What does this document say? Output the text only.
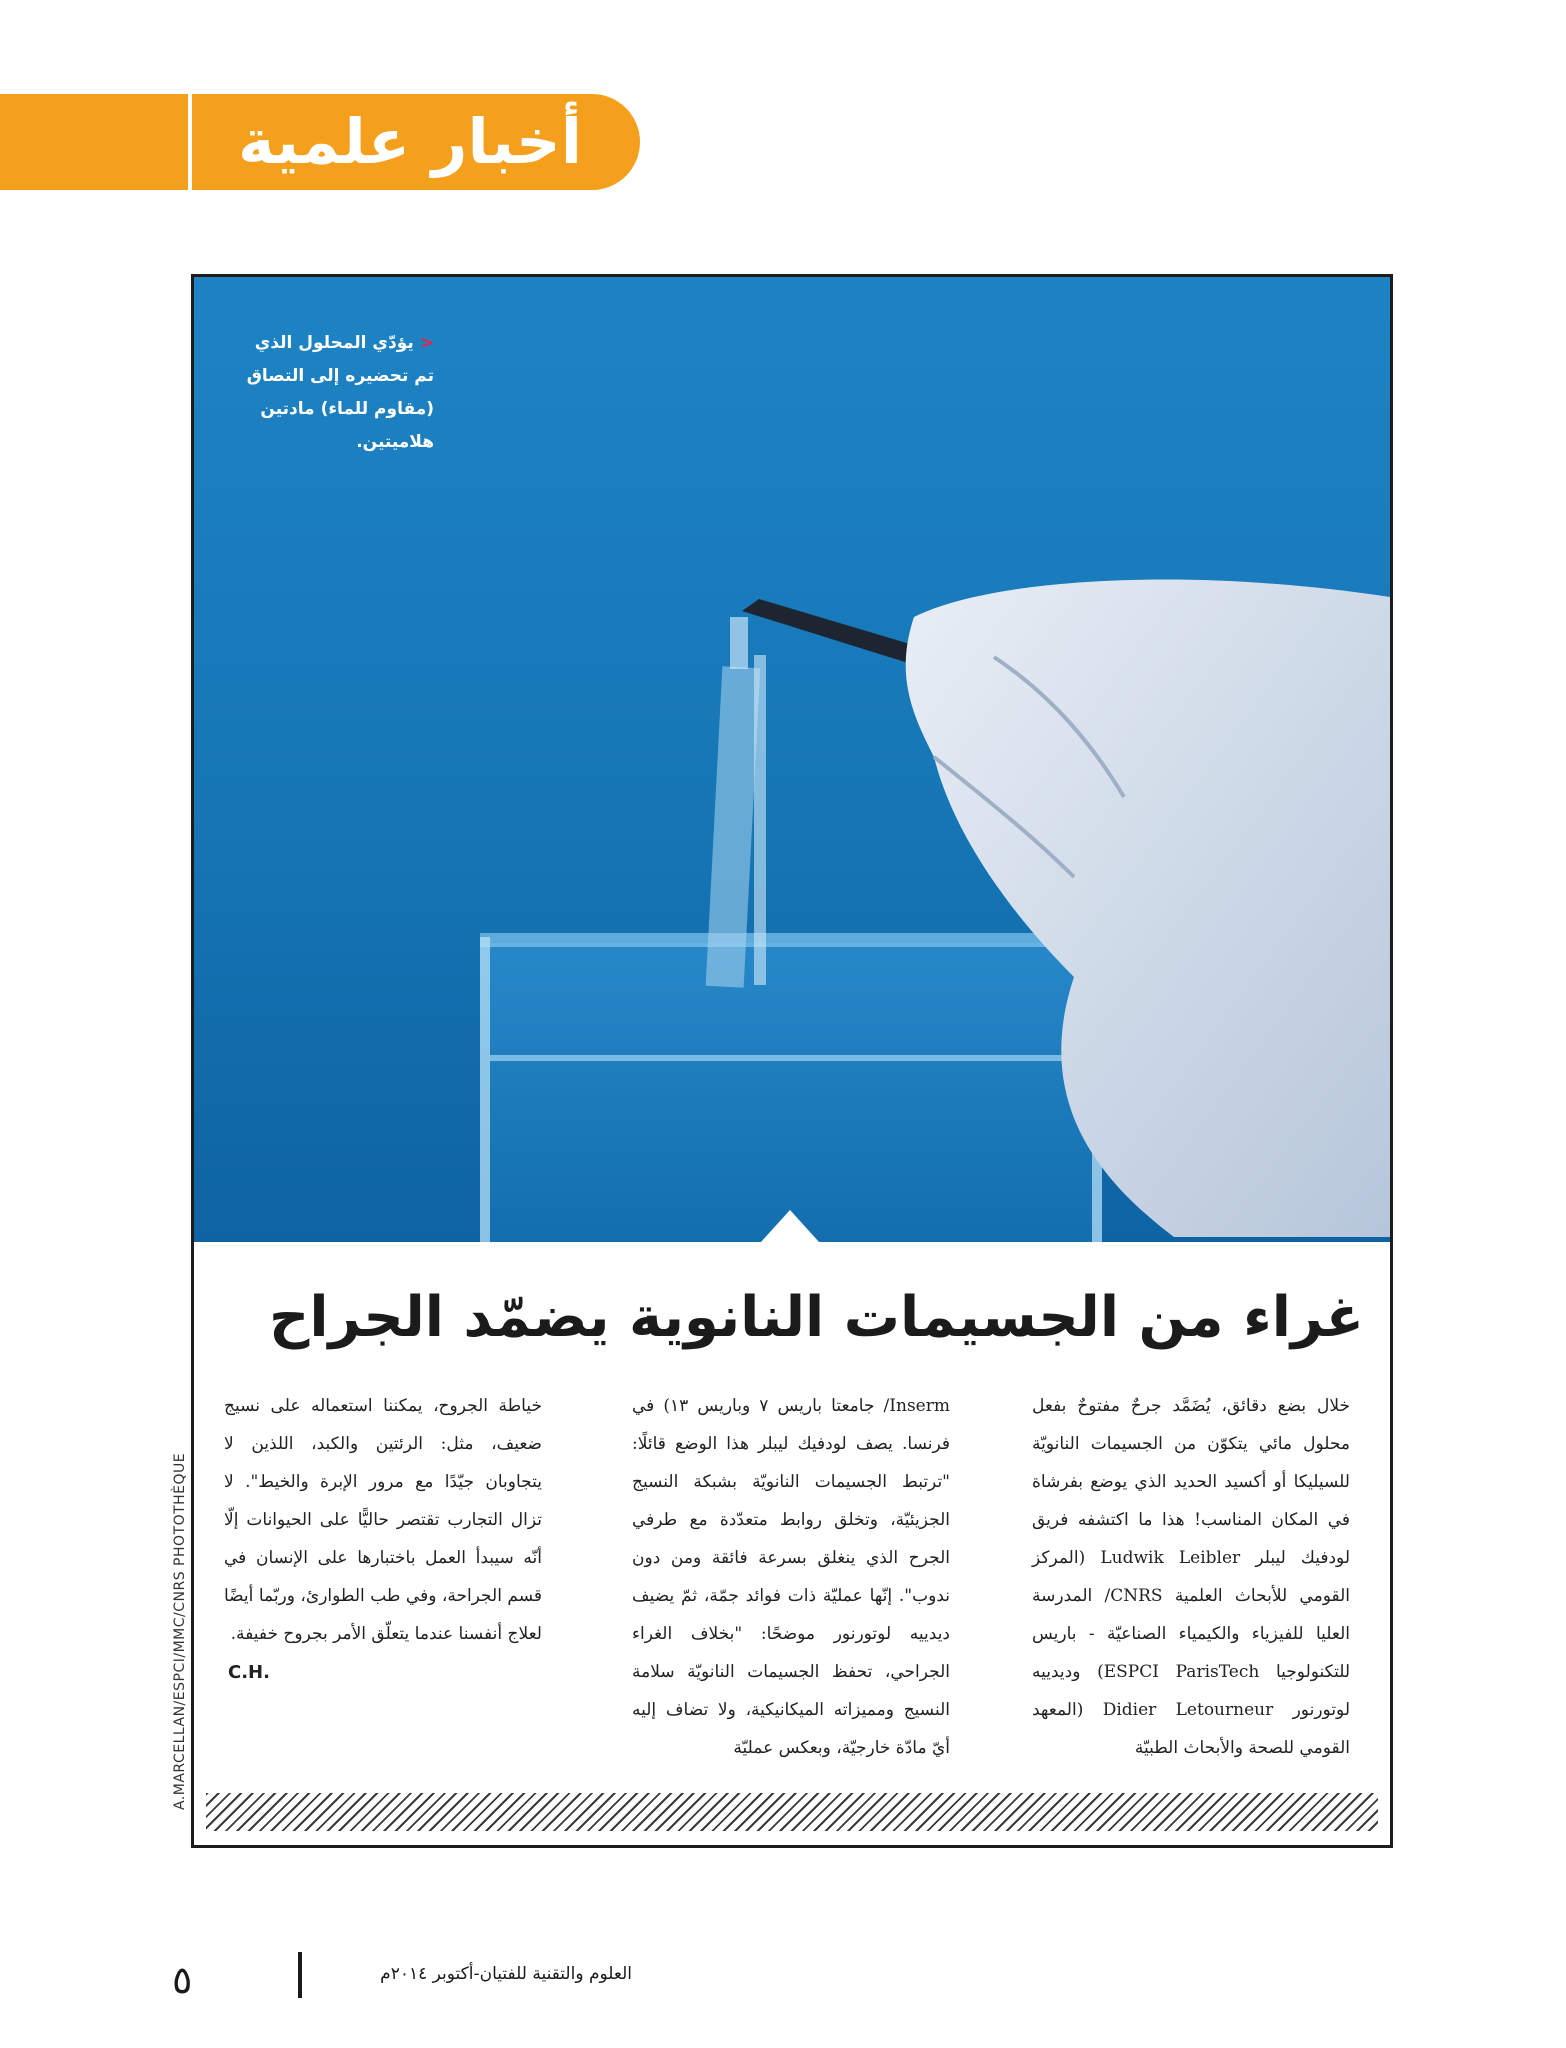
أخبار علمية
<يؤدّي المحلول الذي تم تحضيره إلى التصاق (مقاوم للماء) مادتين هلاميتين.
غراء من الجسيمات النانوية يضمّد الجراح

خلال بضع دقائق، يُضَمَّد جرحٌ مفتوحٌ بفعل محلول مائي يتكوّن من الجسيمات النانويّة للسيليكا أو أكسيد الحديد الذي يوضع بفرشاة في المكان المناسب! هذا ما اكتشفه فريق لودفيك ليبلر Ludwik Leibler (المركز القومي للأبحاث العلمية CNRS/ المدرسة العليا للفيزياء والكيمياء الصناعيّة - باريس للتكنولوجيا ESPCI ParisTech) وديدييه لوتورنور Didier Letourneur (المعهد القومي للصحة والأبحاث الطبيّة

Inserm/ جامعتا باريس ٧ وباريس ١٣) في فرنسا. يصف لودفيك ليبلر هذا الوضع قائلًا: "ترتبط الجسيمات النانويّة بشبكة النسيج الجزيئيّة، وتخلق روابط متعدّدة مع طرفي الجرح الذي ينغلق بسرعة فائقة ومن دون ندوب". إنّها عمليّة ذات فوائد جمّة، ثمّ يضيف ديدييه لوتورنور موضحًا: "بخلاف الغراء الجراحي، تحفظ الجسيمات النانويّة سلامة النسيج ومميزاته الميكانيكية، ولا تضاف إليه أيّ مادّة خارجيّة، وبعكس عمليّة

خياطة الجروح، يمكننا استعماله على نسيج ضعيف، مثل: الرئتين والكبد، اللذين لا يتجاوبان جيّدًا مع مرور الإبرة والخيط". لا تزال التجارب تقتصر حاليًّا على الحيوانات إلّا أنّه سيبدأ العمل باختبارها على الإنسان في قسم الجراحة، وفي طب الطوارئ، وربّما أيضًا لعلاج أنفسنا عندما يتعلّق الأمر بجروح خفيفة.

C.H.
A.MARCELLAN/ESPCI/MMC/CNRS PHOTOTHÈQUE
٥	العلوم والتقنية للفتيان-أكتوبر ٢٠١٤م
